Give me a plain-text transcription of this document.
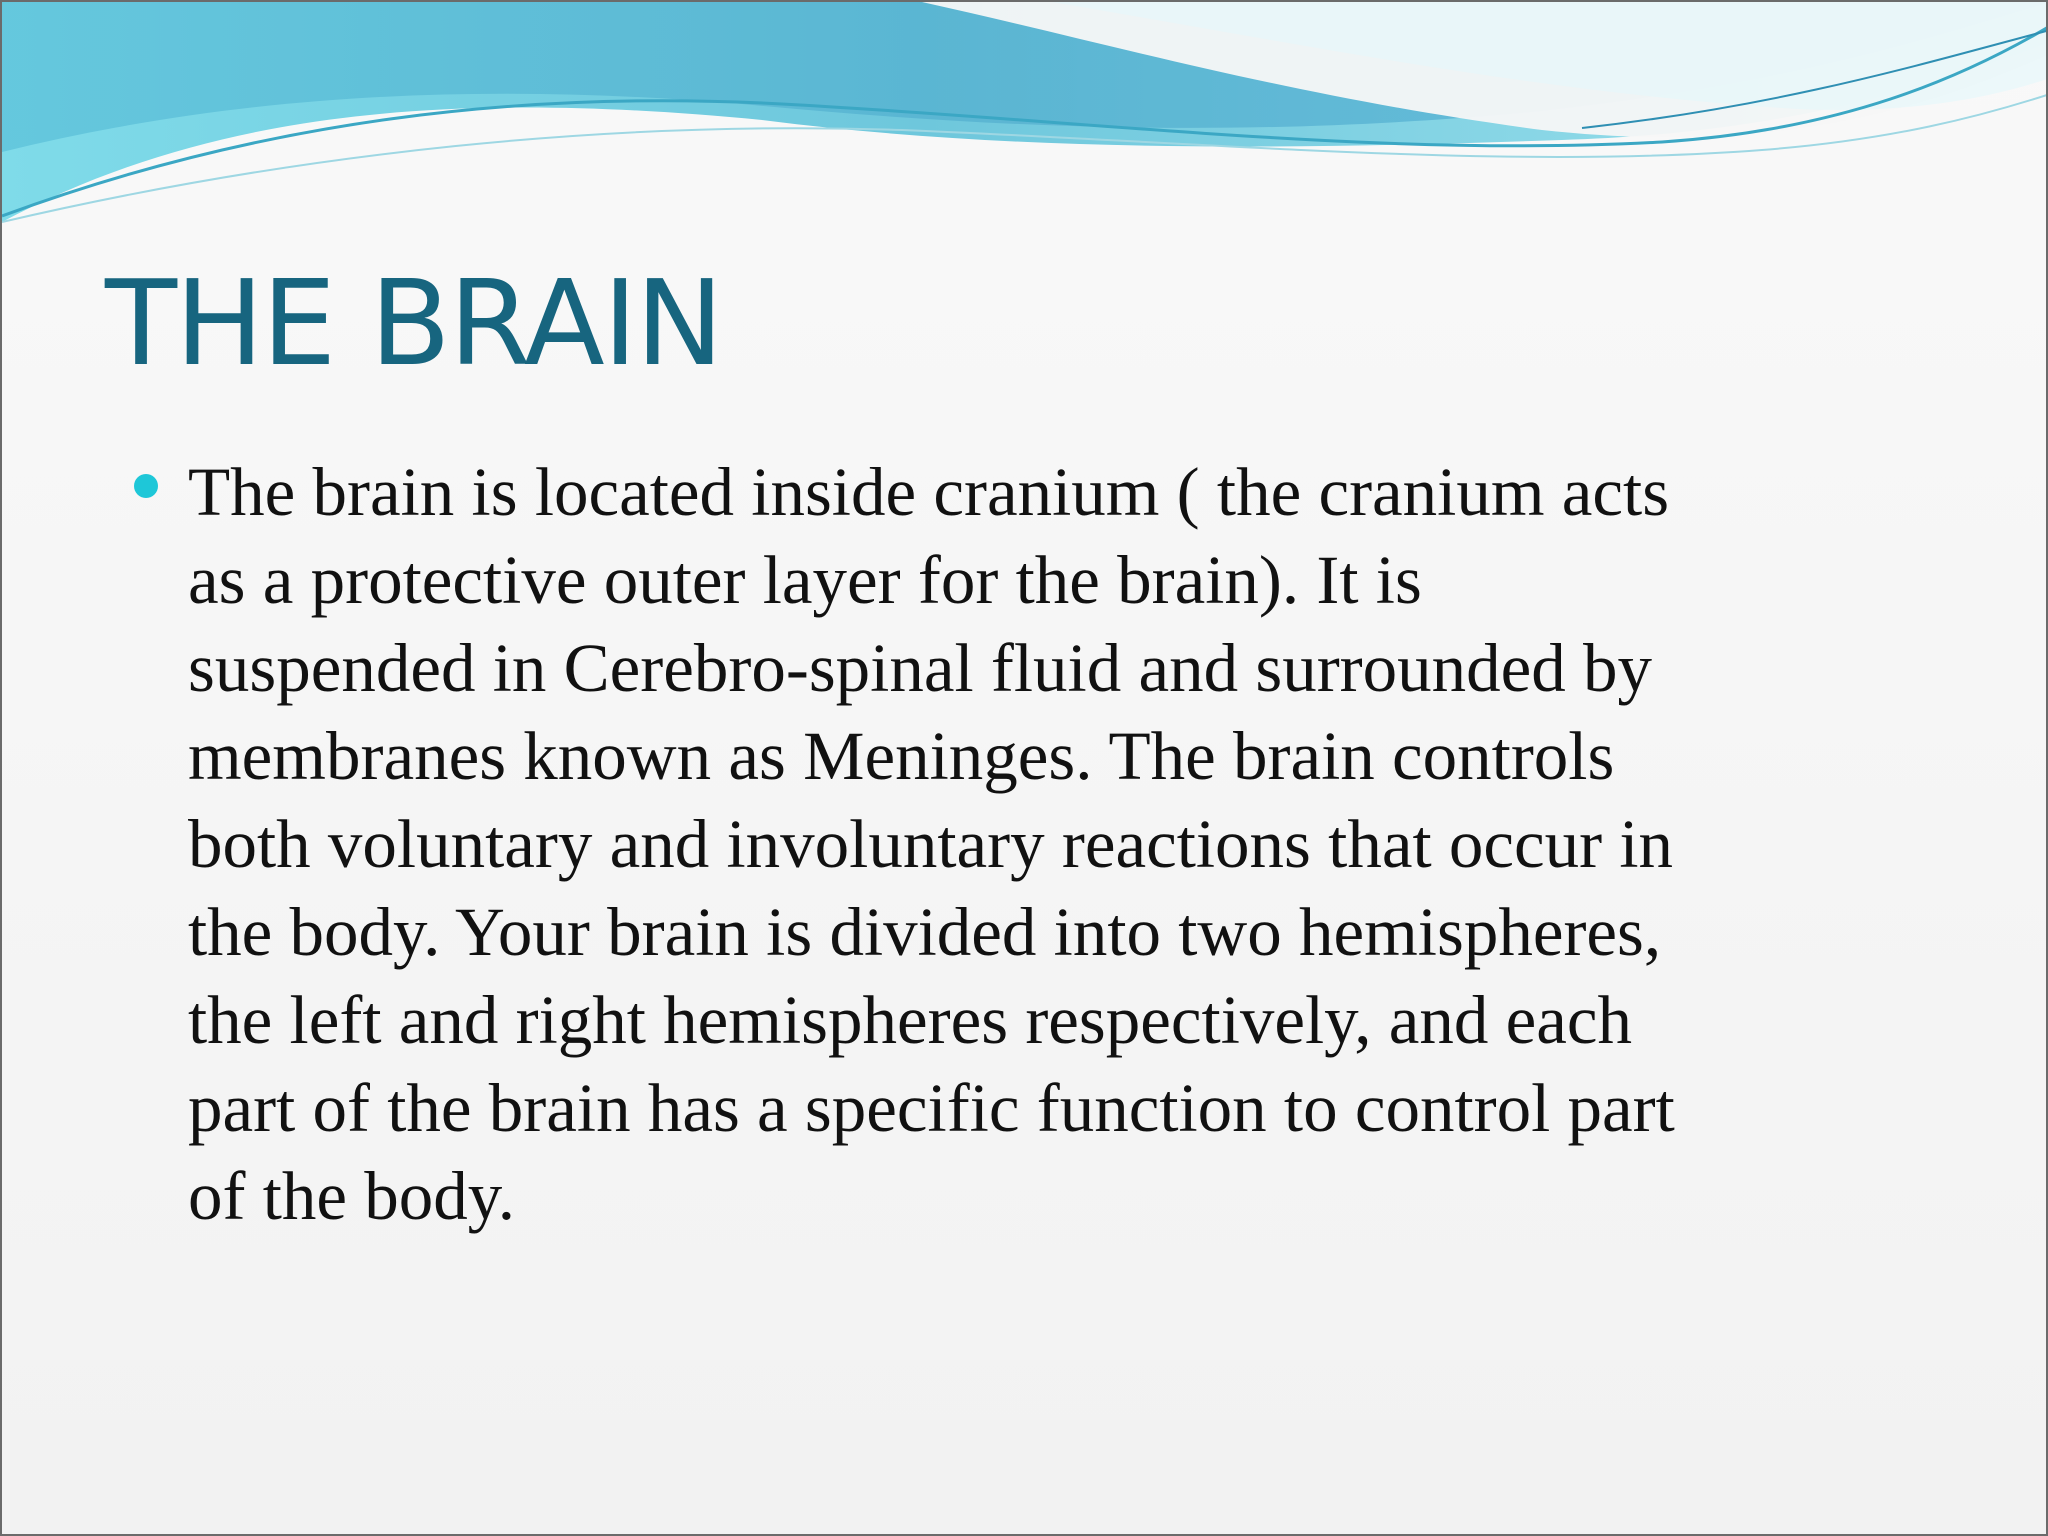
THE BRAIN

The brain is located inside cranium ( the cranium acts
as a protective outer layer for the brain). It is
suspended in Cerebro-spinal fluid and surrounded by
membranes known as Meninges. The brain controls
both voluntary and involuntary reactions that occur in
the body. Your brain is divided into two hemispheres,
the left and right hemispheres respectively, and each
part of the brain has a specific function to control part
of the body.
